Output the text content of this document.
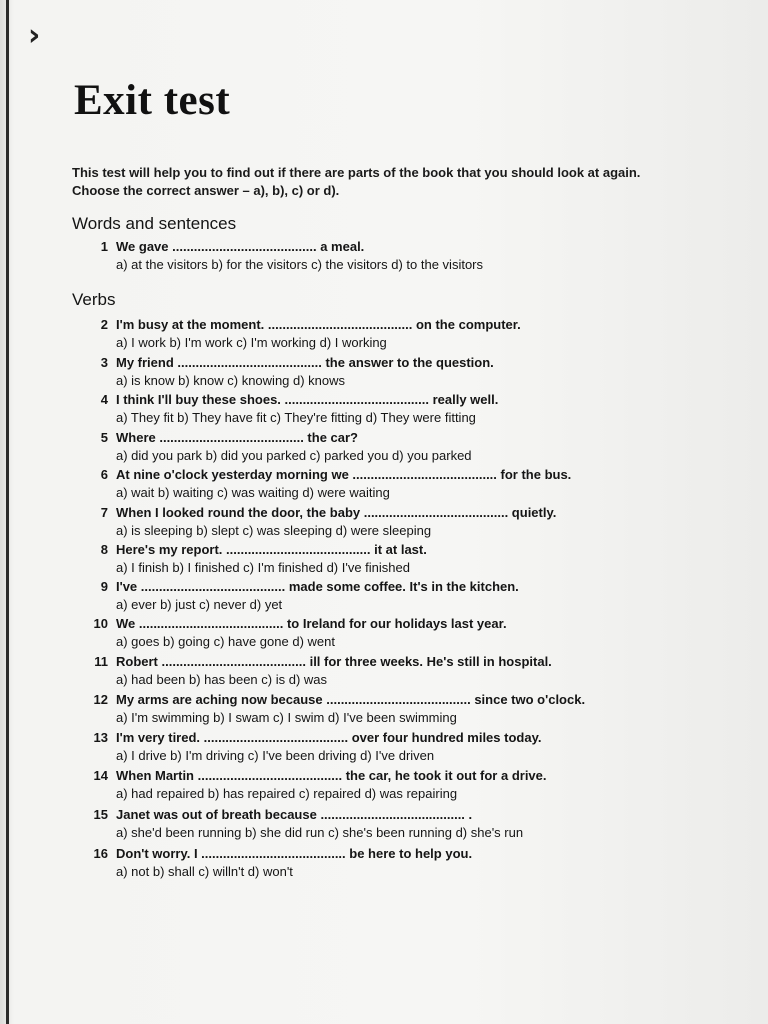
›
Exit test
This test will help you to find out if there are parts of the book that you should look at again.
Choose the correct answer – a), b), c) or d).
Words and sentences
1 We gave ........................................ a meal.
a) at the visitors b) for the visitors c) the visitors d) to the visitors
Verbs
2 I'm busy at the moment. ........................................ on the computer.
a) I work b) I'm work c) I'm working d) I working
3 My friend ........................................ the answer to the question.
a) is know b) know c) knowing d) knows
4 I think I'll buy these shoes. ........................................ really well.
a) They fit b) They have fit c) They're fitting d) They were fitting
5 Where ........................................ the car?
a) did you park b) did you parked c) parked you d) you parked
6 At nine o'clock yesterday morning we ........................................ for the bus.
a) wait b) waiting c) was waiting d) were waiting
7 When I looked round the door, the baby ........................................ quietly.
a) is sleeping b) slept c) was sleeping d) were sleeping
8 Here's my report. ........................................ it at last.
a) I finish b) I finished c) I'm finished d) I've finished
9 I've ........................................ made some coffee. It's in the kitchen.
a) ever b) just c) never d) yet
10 We ........................................ to Ireland for our holidays last year.
a) goes b) going c) have gone d) went
11 Robert ........................................ ill for three weeks. He's still in hospital.
a) had been b) has been c) is d) was
12 My arms are aching now because ........................................ since two o'clock.
a) I'm swimming b) I swam c) I swim d) I've been swimming
13 I'm very tired. ........................................ over four hundred miles today.
a) I drive b) I'm driving c) I've been driving d) I've driven
14 When Martin ........................................ the car, he took it out for a drive.
a) had repaired b) has repaired c) repaired d) was repairing
15 Janet was out of breath because ........................................ .
a) she'd been running b) she did run c) she's been running d) she's run
16 Don't worry. I ........................................ be here to help you.
a) not b) shall c) willn't d) won't
